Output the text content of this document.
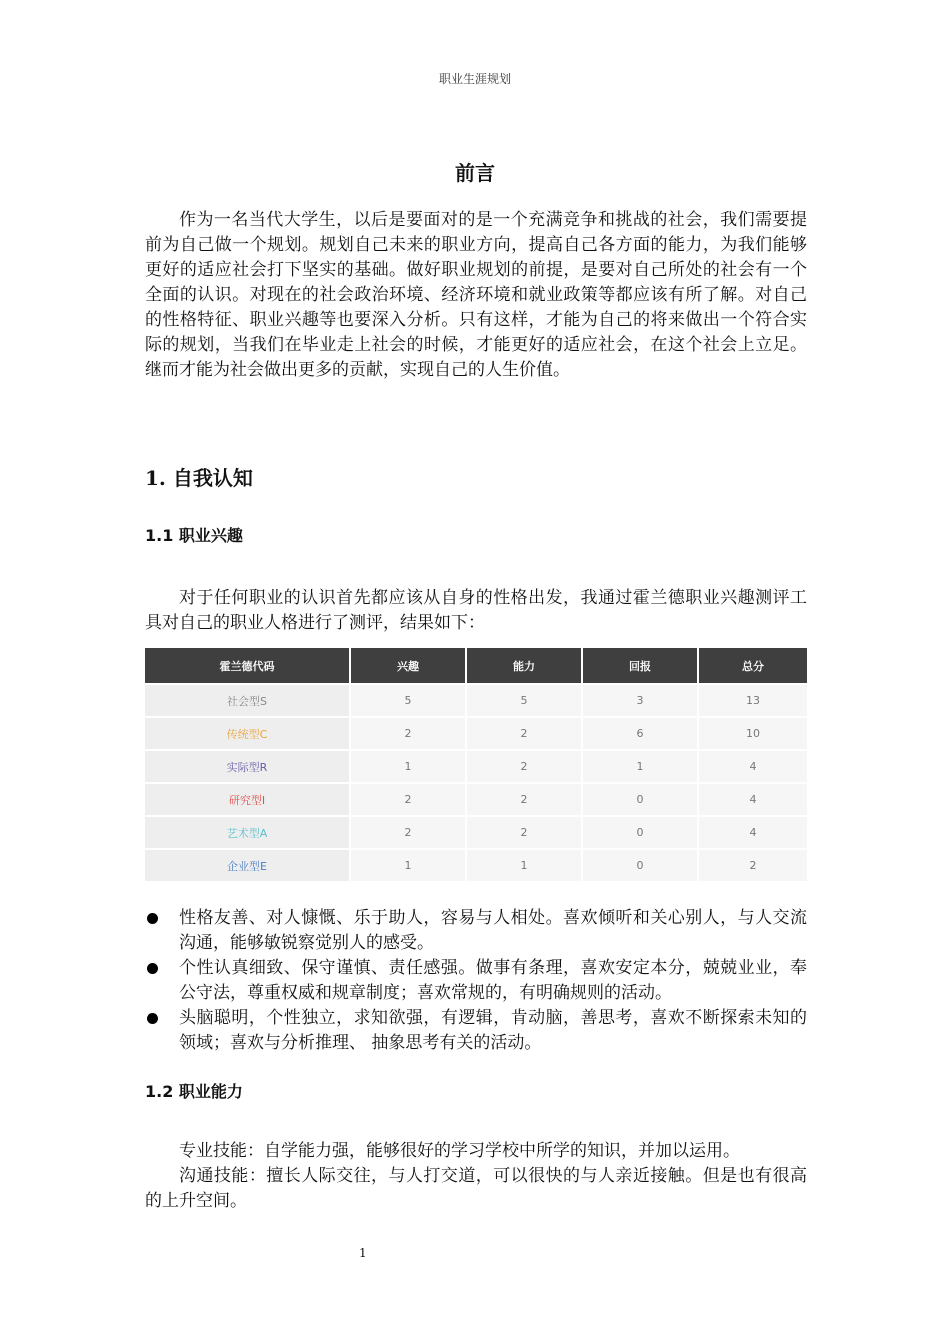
职业生涯规划
前言

作为一名当代大学生，以后是要面对的是一个充满竞争和挑战的社会，我们需要提前为自己做一个规划。规划自己未来的职业方向，提高自己各方面的能力，为我们能够更好的适应社会打下坚实的基础。做好职业规划的前提，是要对自己所处的社会有一个全面的认识。对现在的社会政治环境、经济环境和就业政策等都应该有所了解。对自己的性格特征、职业兴趣等也要深入分析。只有这样，才能为自己的将来做出一个符合实际的规划，当我们在毕业走上社会的时候，才能更好的适应社会，在这个社会上立足。继而才能为社会做出更多的贡献，实现自己的人生价值。

1. 自我认知
1.1 职业兴趣

对于任何职业的认识首先都应该从自身的性格出发，我通过霍兰德职业兴趣测评工具对自己的职业人格进行了测评，结果如下：

霍兰德代码	兴趣	能力	回报	总分
社会型S	5	5	3	13
传统型C	2	2	6	10
实际型R	1	2	1	4
研究型I	2	2	0	4
艺术型A	2	2	0	4
企业型E	1	1	0	2
性格友善、对人慷慨、乐于助人，容易与人相处。喜欢倾听和关心别人，与人交流沟通，能够敏锐察觉别人的感受。
个性认真细致、保守谨慎、责任感强。做事有条理，喜欢安定本分，兢兢业业，奉公守法，尊重权威和规章制度；喜欢常规的，有明确规则的活动。
头脑聪明，个性独立，求知欲强，有逻辑，肯动脑，善思考，喜欢不断探索未知的领域；喜欢与分析推理、 抽象思考有关的活动。
1.2 职业能力

专业技能：自学能力强，能够很好的学习学校中所学的知识，并加以运用。

沟通技能：擅长人际交往，与人打交道，可以很快的与人亲近接触。但是也有很高的上升空间。

1
